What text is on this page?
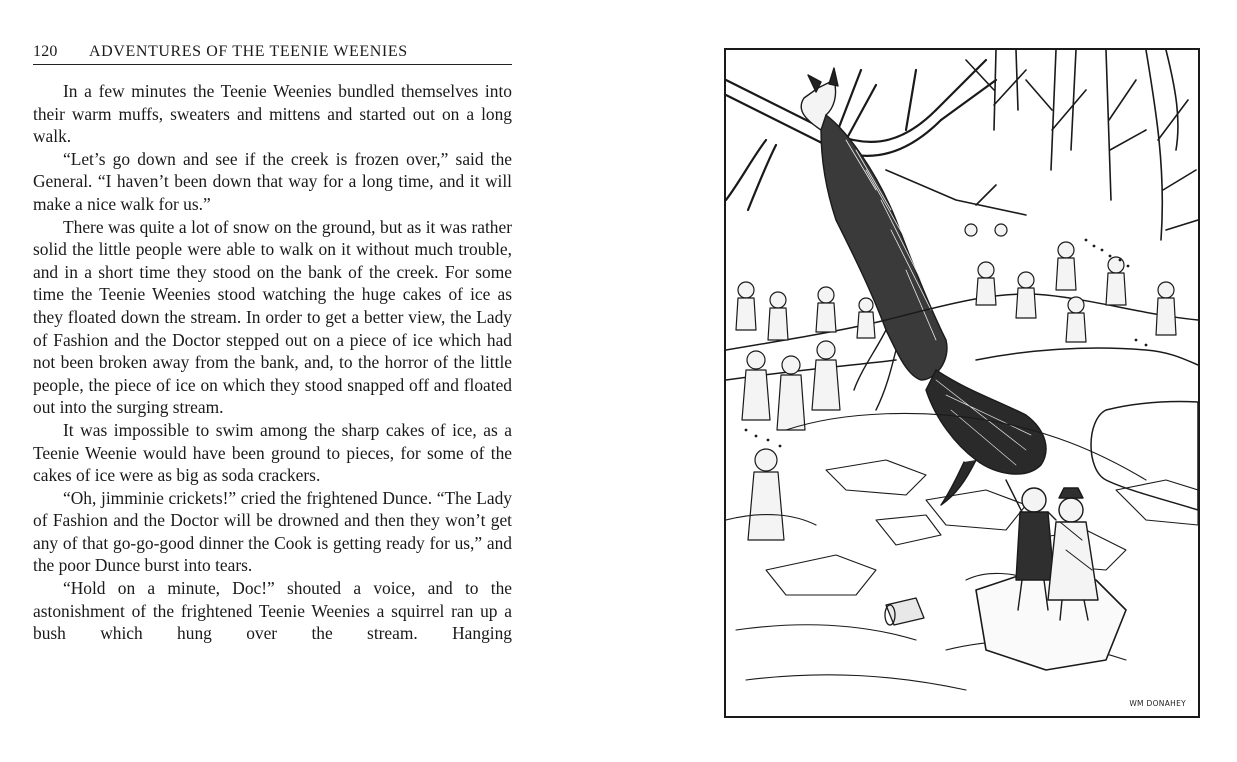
120	ADVENTURES OF THE TEENIE WEENIES

In a few minutes the Teenie Weenies bundled themselves into their warm muffs, sweaters and mittens and started out on a long walk.

“Let’s go down and see if the creek is frozen over,” said the General. “I haven’t been down that way for a long time, and it will make a nice walk for us.”

There was quite a lot of snow on the ground, but as it was rather solid the little people were able to walk on it without much trouble, and in a short time they stood on the bank of the creek. For some time the Teenie Weenies stood watching the huge cakes of ice as they floated down the stream. In order to get a better view, the Lady of Fashion and the Doctor stepped out on a piece of ice which had not been broken away from the bank, and, to the horror of the little people, the piece of ice on which they stood snapped off and floated out into the surging stream.

It was impossible to swim among the sharp cakes of ice, as a Teenie Weenie would have been ground to pieces, for some of the cakes of ice were as big as soda crackers.

“Oh, jimminie crickets!” cried the frightened Dunce. “The Lady of Fashion and the Doctor will be drowned and then they won’t get any of that go-go-good dinner the Cook is getting ready for us,” and the poor Dunce burst into tears.

“Hold on a minute, Doc!” shouted a voice, and to the astonishment of the frightened Teenie Weenies a squirrel ran up a bush which hung over the stream. Hanging

WM DONAHEY
